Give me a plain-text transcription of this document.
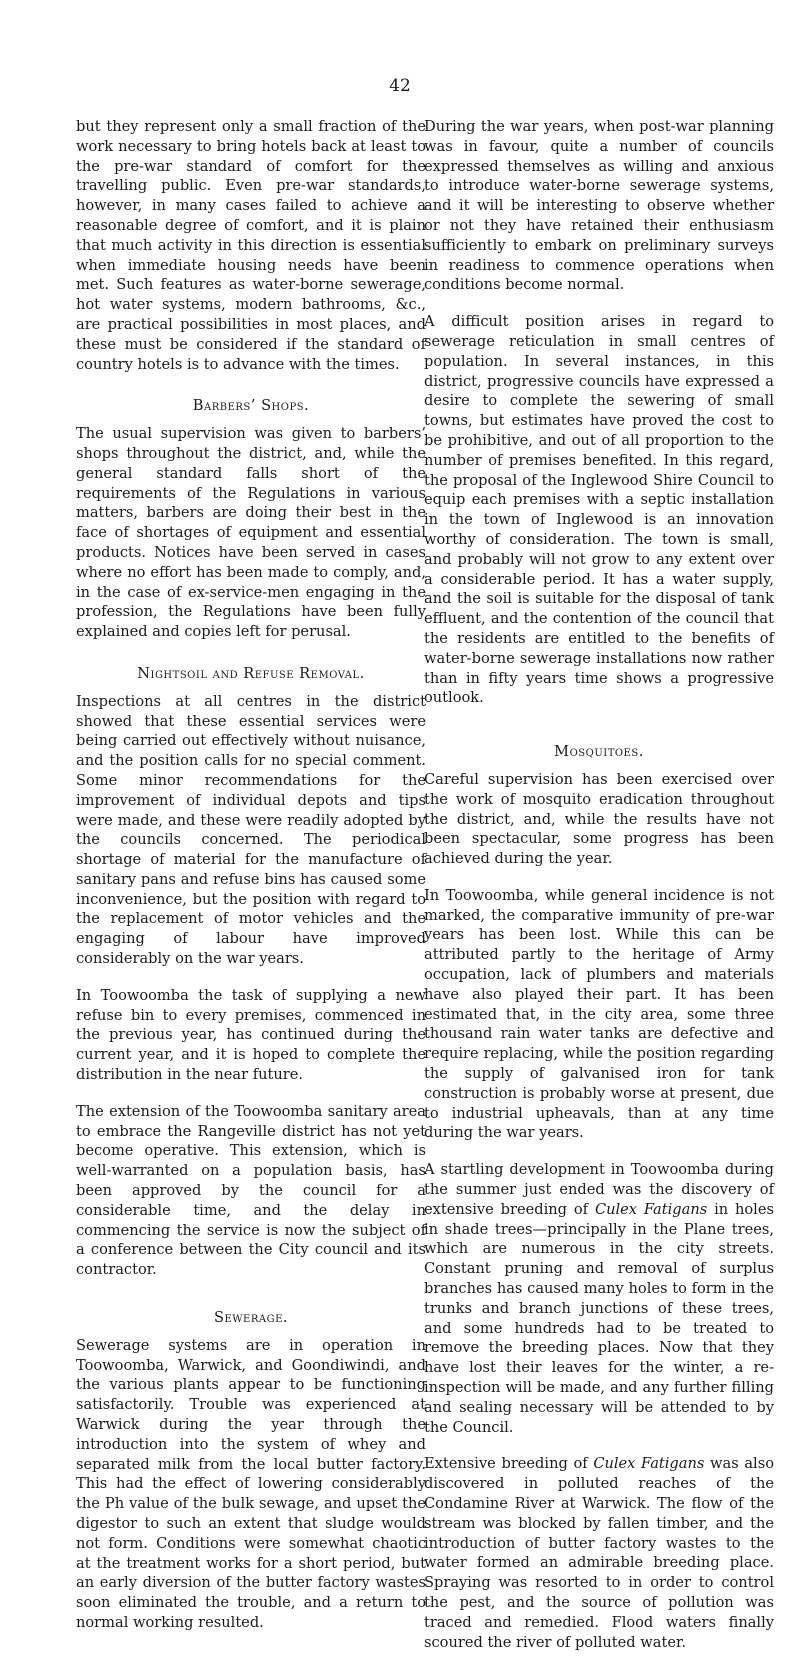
42

but they represent only a small fraction of the work necessary to bring hotels back at least to the pre-war standard of comfort for the travelling public. Even pre-war standards, however, in many cases failed to achieve a reasonable degree of comfort, and it is plain that much activity in this direction is essential when immediate housing needs have been met. Such features as water-borne sewerage, hot water systems, modern bathrooms, &c., are practical possibilities in most places, and these must be considered if the standard of country hotels is to advance with the times.

Barbers’ Shops.

The usual supervision was given to barbers’ shops throughout the district, and, while the general standard falls short of the requirements of the Regulations in various matters, barbers are doing their best in the face of shortages of equipment and essential products. Notices have been served in cases where no effort has been made to comply, and, in the case of ex-service-men engaging in the profession, the Regulations have been fully explained and copies left for perusal.

Nightsoil and Refuse Removal.

Inspections at all centres in the district showed that these essential services were being carried out effectively without nuisance, and the position calls for no special comment. Some minor recommendations for the improvement of individual depots and tips were made, and these were readily adopted by the councils concerned. The periodical shortage of material for the manufacture of sanitary pans and refuse bins has caused some inconvenience, but the position with regard to the replacement of motor vehicles and the engaging of labour have improved considerably on the war years.

In Toowoomba the task of supplying a new refuse bin to every premises, commenced in the previous year, has continued during the current year, and it is hoped to complete the distribution in the near future.

The extension of the Toowoomba sanitary area to embrace the Rangeville district has not yet become operative. This extension, which is well-warranted on a population basis, has been approved by the council for a considerable time, and the delay in commencing the service is now the subject of a conference between the City council and its contractor.

Sewerage.

Sewerage systems are in operation in Toowoomba, Warwick, and Goondiwindi, and the various plants appear to be functioning satisfactorily. Trouble was experienced at Warwick during the year through the introduction into the system of whey and separated milk from the local butter factory. This had the effect of lowering considerably the Ph value of the bulk sewage, and upset the digestor to such an extent that sludge would not form. Conditions were somewhat chaotic at the treatment works for a short period, but an early diversion of the butter factory wastes soon eliminated the trouble, and a return to normal working resulted.

During the war years, when post-war planning was in favour, quite a number of councils expressed themselves as willing and anxious to introduce water-borne sewerage systems, and it will be interesting to observe whether or not they have retained their enthusiasm sufficiently to embark on preliminary surveys in readiness to commence operations when conditions become normal.

A difficult position arises in regard to sewerage reticulation in small centres of population. In several instances, in this district, progressive councils have expressed a desire to complete the sewering of small towns, but estimates have proved the cost to be prohibitive, and out of all proportion to the number of premises benefited. In this regard, the proposal of the Inglewood Shire Council to equip each premises with a septic installation in the town of Inglewood is an innovation worthy of consideration. The town is small, and probably will not grow to any extent over a considerable period. It has a water supply, and the soil is suitable for the disposal of tank effluent, and the contention of the council that the residents are entitled to the benefits of water-borne sewerage installations now rather than in fifty years time shows a progressive outlook.

Mosquitoes.

Careful supervision has been exercised over the work of mosquito eradication throughout the district, and, while the results have not been spectacular, some progress has been achieved during the year.

In Toowoomba, while general incidence is not marked, the comparative immunity of pre-war years has been lost. While this can be attributed partly to the heritage of Army occupation, lack of plumbers and materials have also played their part. It has been estimated that, in the city area, some three thousand rain water tanks are defective and require replacing, while the position regarding the supply of galvanised iron for tank construction is probably worse at present, due to industrial upheavals, than at any time during the war years.

A startling development in Toowoomba during the summer just ended was the discovery of extensive breeding of Culex Fatigans in holes in shade trees—principally in the Plane trees, which are numerous in the city streets. Constant pruning and removal of surplus branches has caused many holes to form in the trunks and branch junctions of these trees, and some hundreds had to be treated to remove the breeding places. Now that they have lost their leaves for the winter, a re-inspection will be made, and any further filling and sealing necessary will be attended to by the Council.

Extensive breeding of Culex Fatigans was also discovered in polluted reaches of the Condamine River at Warwick. The flow of the stream was blocked by fallen timber, and the introduction of butter factory wastes to the water formed an admirable breeding place. Spraying was resorted to in order to control the pest, and the source of pollution was traced and remedied. Flood waters finally scoured the river of polluted water.
